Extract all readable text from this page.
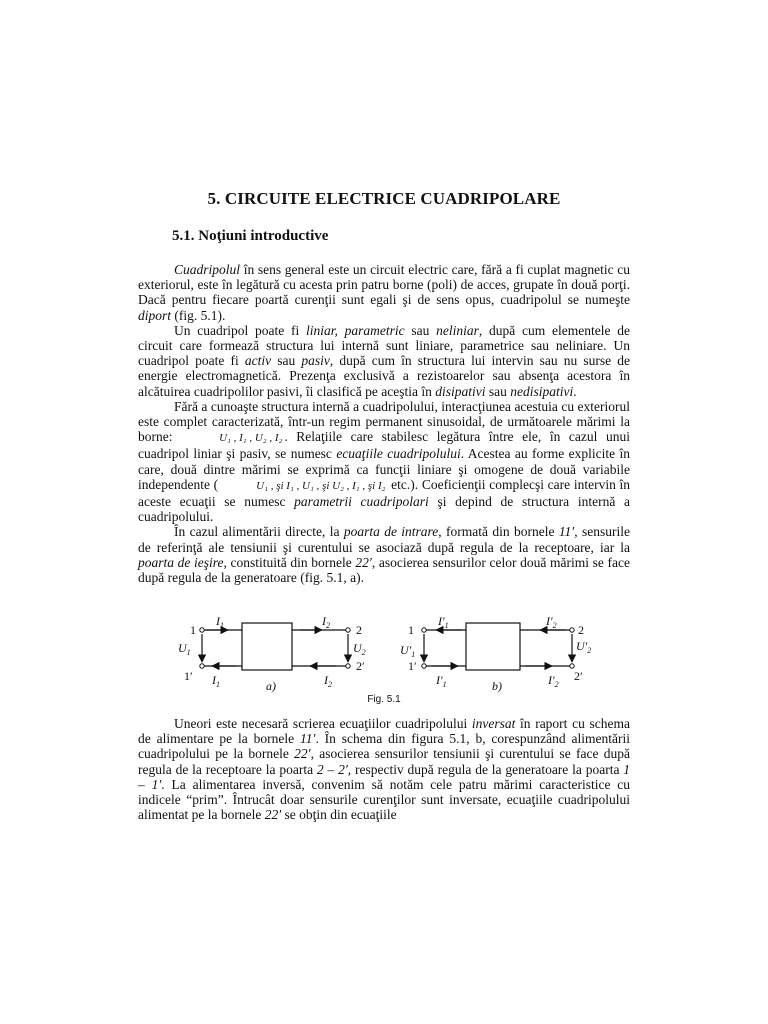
5. CIRCUITE ELECTRICE CUADRIPOLARE
5.1. Noţiuni introductive

Cuadripolul în sens general este un circuit electric care, fără a fi cuplat magnetic cu exteriorul, este în legătură cu acesta prin patru borne (poli) de acces, grupate în două porţi. Dacă pentru fiecare poartă curenţii sunt egali şi de sens opus, cuadripolul se numeşte diport (fig. 5.1).

Un cuadripol poate fi liniar, parametric sau neliniar, după cum elementele de circuit care formează structura lui internă sunt liniare, parametrice sau neliniare. Un cuadripol poate fi activ sau pasiv, după cum în structura lui intervin sau nu surse de energie electromagnetică. Prezenţa exclusivă a rezistoarelor sau absenţa acestora în alcătuirea cuadripolilor pasivi, îi clasifică pe aceştia în disipativi sau nedisipativi.

Fără a cunoaşte structura internă a cuadripolului, interacţiunea acestuia cu exteriorul este complet caracterizată, într-un regim permanent sinusoidal, de următoarele mărimi la borne:	U₁ , I₁ , U₂ , I₂ . Relaţiile care stabilesc legătura între ele, în cazul unui cuadripol liniar şi pasiv, se numesc ecuaţiile cuadripolului. Acestea au forme explicite în care, două dintre mărimi se exprimă ca funcţii liniare şi omogene de două variabile independente (	U₁ , şi I₁ , U₁ , şi U₂ , I₁ , şi I₂ etc.). Coeficienţii complecşi care intervin în aceste ecuaţii se numesc parametrii cuadripolari şi depind de structura internă a cuadripolului.

În cazul alimentării directe, la poarta de intrare, formată din bornele 11′, sensurile de referinţă ale tensiunii şi curentului se asociază după regula de la receptoare, iar la poarta de ieşire, constituită din bornele 22′, asocierea sensurilor celor două mărimi se face după regula de la generatoare (fig. 5.1, a).

1
1′
2
2′
$I_1$
$I_1$
$I_2$
$I_2$
$U_1$	$U_2$
a)
1
1′
2
2′
$I'_1$
$I'_1$
$I'_2$
$I'_2$
$U'_1$
$U'_2$
b)
Fig. 5.1

Uneori este necesară scrierea ecuaţiilor cuadripolului inversat în raport cu schema de alimentare pe la bornele 11′. În schema din figura 5.1, b, corespunzând alimentării cuadripolului pe la bornele 22′, asocierea sensurilor tensiunii şi curentului se face după regula de la receptoare la poarta 2 – 2′, respectiv după regula de la generatoare la poarta 1 – 1′. La alimentarea inversă, convenim să notăm cele patru mărimi caracteristice cu indicele “prim”. Întrucât doar sensurile curenţilor sunt inversate, ecuaţiile cuadripolului alimentat pe la bornele 22′ se obţin din ecuaţiile
